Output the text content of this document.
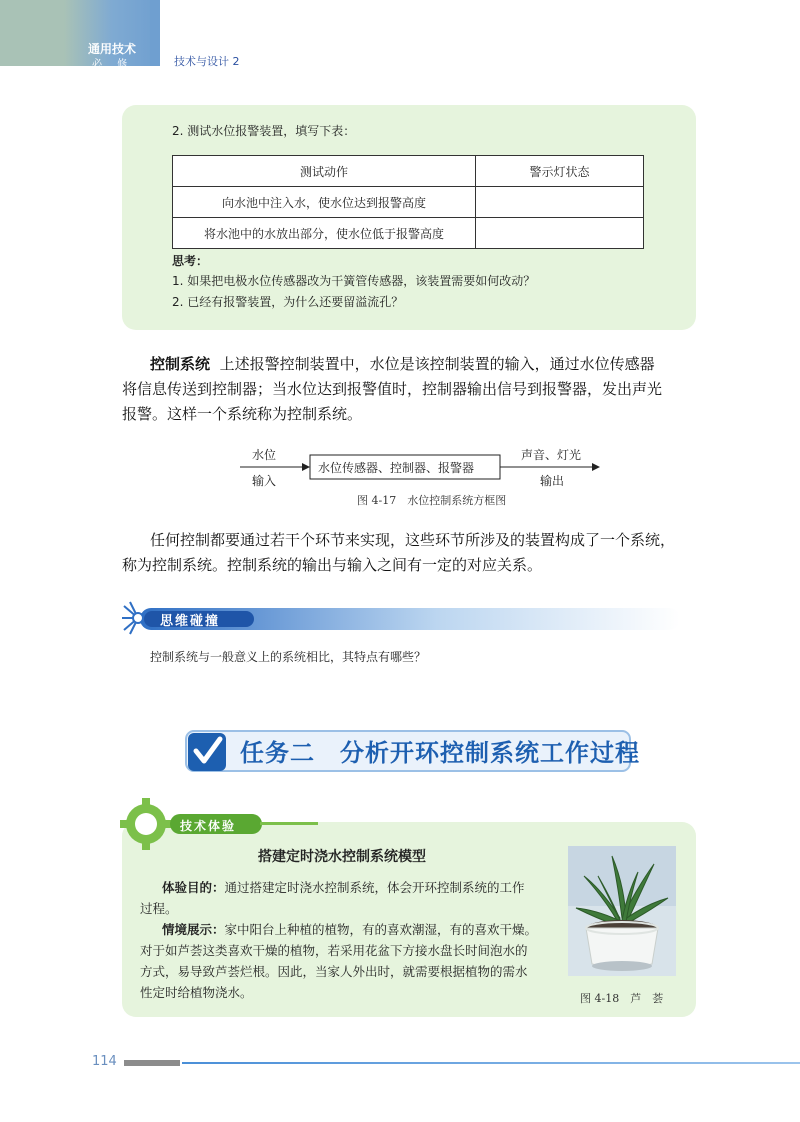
通用技术
必 修	技术与设计 2
2. 测试水位报警装置，填写下表：
测试动作	警示灯状态
向水池中注入水，使水位达到报警高度	
将水池中的水放出部分，使水位低于报警高度	
思考：
1. 如果把电极水位传感器改为干簧管传感器，该装置需要如何改动？
2. 已经有报警装置，为什么还要留溢流孔？
控制系统 上述报警控制装置中，水位是该控制装置的输入，通过水位传感器
将信息传送到控制器；当水位达到报警值时，控制器输出信号到报警器，发出声光
报警。这样一个系统称为控制系统。
水位
输入
水位传感器、控制器、报警器
声音、灯光
输出
图 4-17　水位控制系统方框图
任何控制都要通过若干个环节来实现，这些环节所涉及的装置构成了一个系统，
称为控制系统。控制系统的输出与输入之间有一定的对应关系。
思维碰撞
控制系统与一般意义上的系统相比，其特点有哪些？
任务二　分析开环控制系统工作过程
技术体验
搭建定时浇水控制系统模型
体验目的：通过搭建定时浇水控制系统，体会开环控制系统的工作
过程。
情境展示：家中阳台上种植的植物，有的喜欢潮湿，有的喜欢干燥。
对于如芦荟这类喜欢干燥的植物，若采用花盆下方接水盘长时间泡水的
方式，易导致芦荟烂根。因此，当家人外出时，就需要根据植物的需水
性定时给植物浇水。	图 4-18　芦　荟
114
